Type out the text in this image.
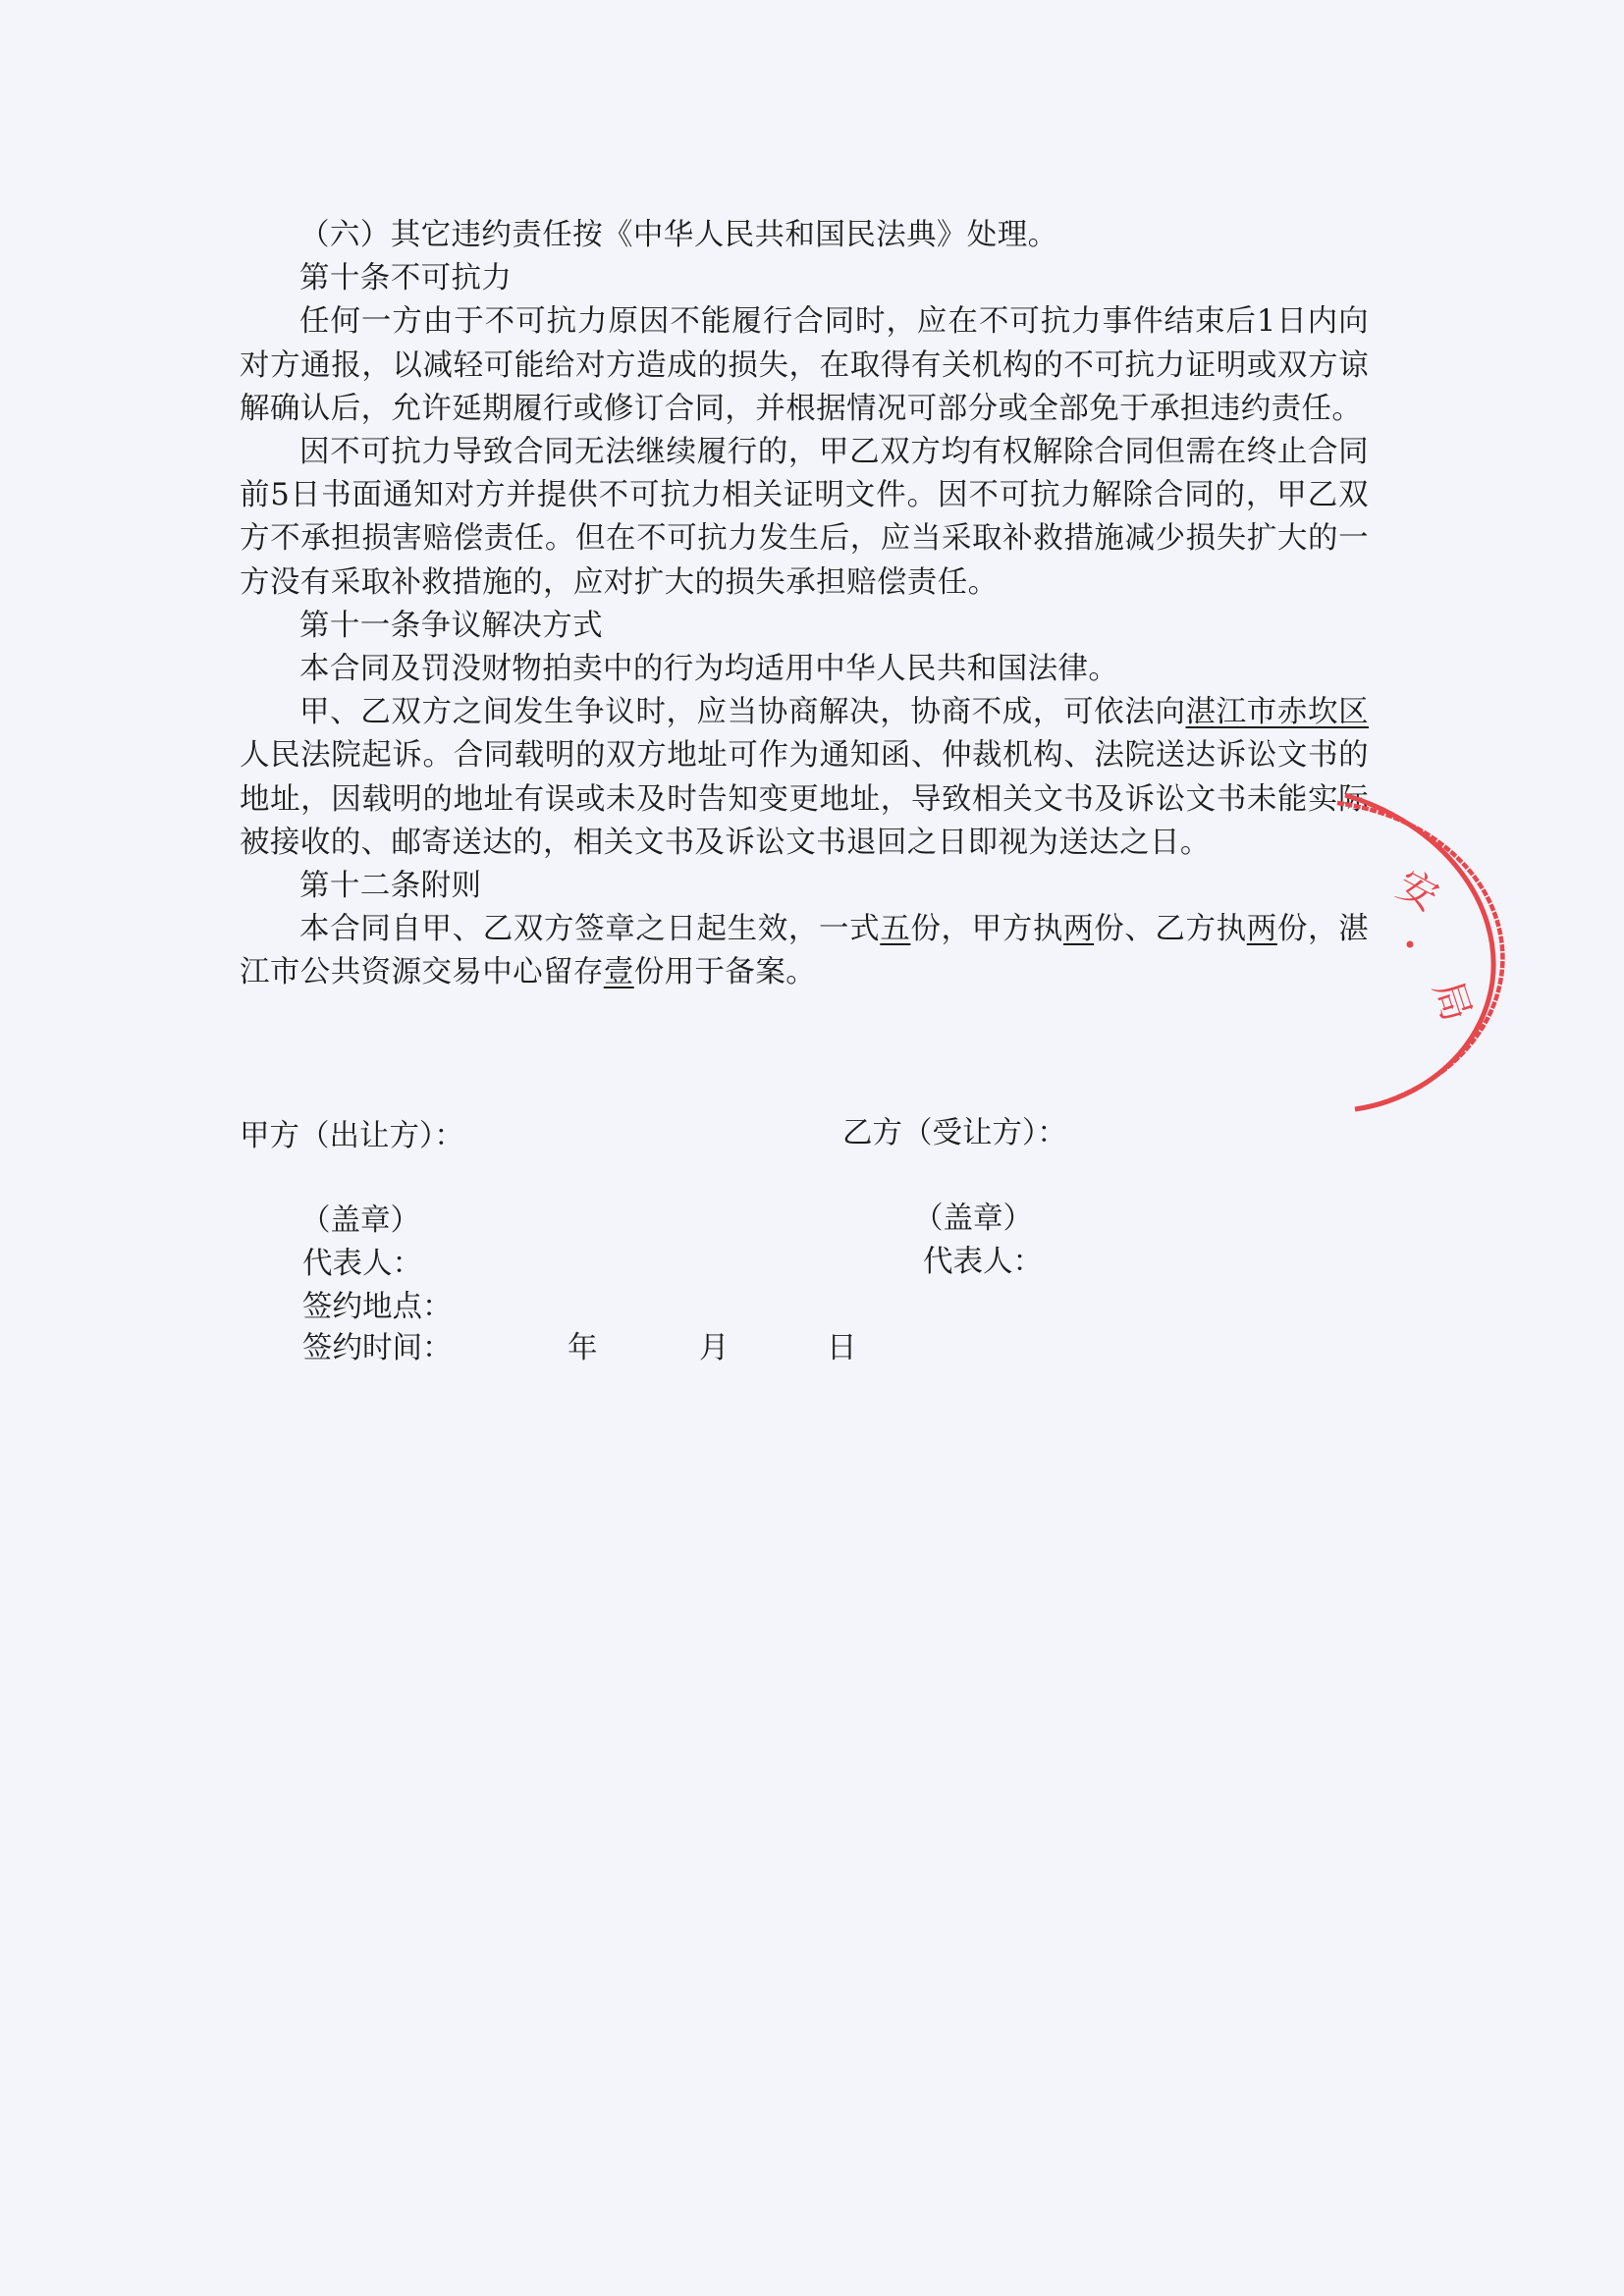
（六）其它违约责任按《中华人民共和国民法典》处理。

第十条不可抗力

任何一方由于不可抗力原因不能履行合同时，应在不可抗力事件结束后1日内向对方通报，以减轻可能给对方造成的损失，在取得有关机构的不可抗力证明或双方谅解确认后，允许延期履行或修订合同，并根据情况可部分或全部免于承担违约责任。

因不可抗力导致合同无法继续履行的，甲乙双方均有权解除合同但需在终止合同前5日书面通知对方并提供不可抗力相关证明文件。因不可抗力解除合同的，甲乙双方不承担损害赔偿责任。但在不可抗力发生后，应当采取补救措施减少损失扩大的一方没有采取补救措施的，应对扩大的损失承担赔偿责任。

第十一条争议解决方式

本合同及罚没财物拍卖中的行为均适用中华人民共和国法律。

甲、乙双方之间发生争议时，应当协商解决，协商不成，可依法向湛江市赤坎区人民法院起诉。合同载明的双方地址可作为通知函、仲裁机构、法院送达诉讼文书的地址，因载明的地址有误或未及时告知变更地址，导致相关文书及诉讼文书未能实际被接收的、邮寄送达的，相关文书及诉讼文书退回之日即视为送达之日。

第十二条附则

本合同自甲、乙双方签章之日起生效，一式五份，甲方执两份、乙方执两份，湛江市公共资源交易中心留存壹份用于备案。

甲方（出让方）：	乙方（受让方）：
（盖章）	（盖章）
代表人：	代表人：
签约地点：
签约时间：	年	月	日
安
局
